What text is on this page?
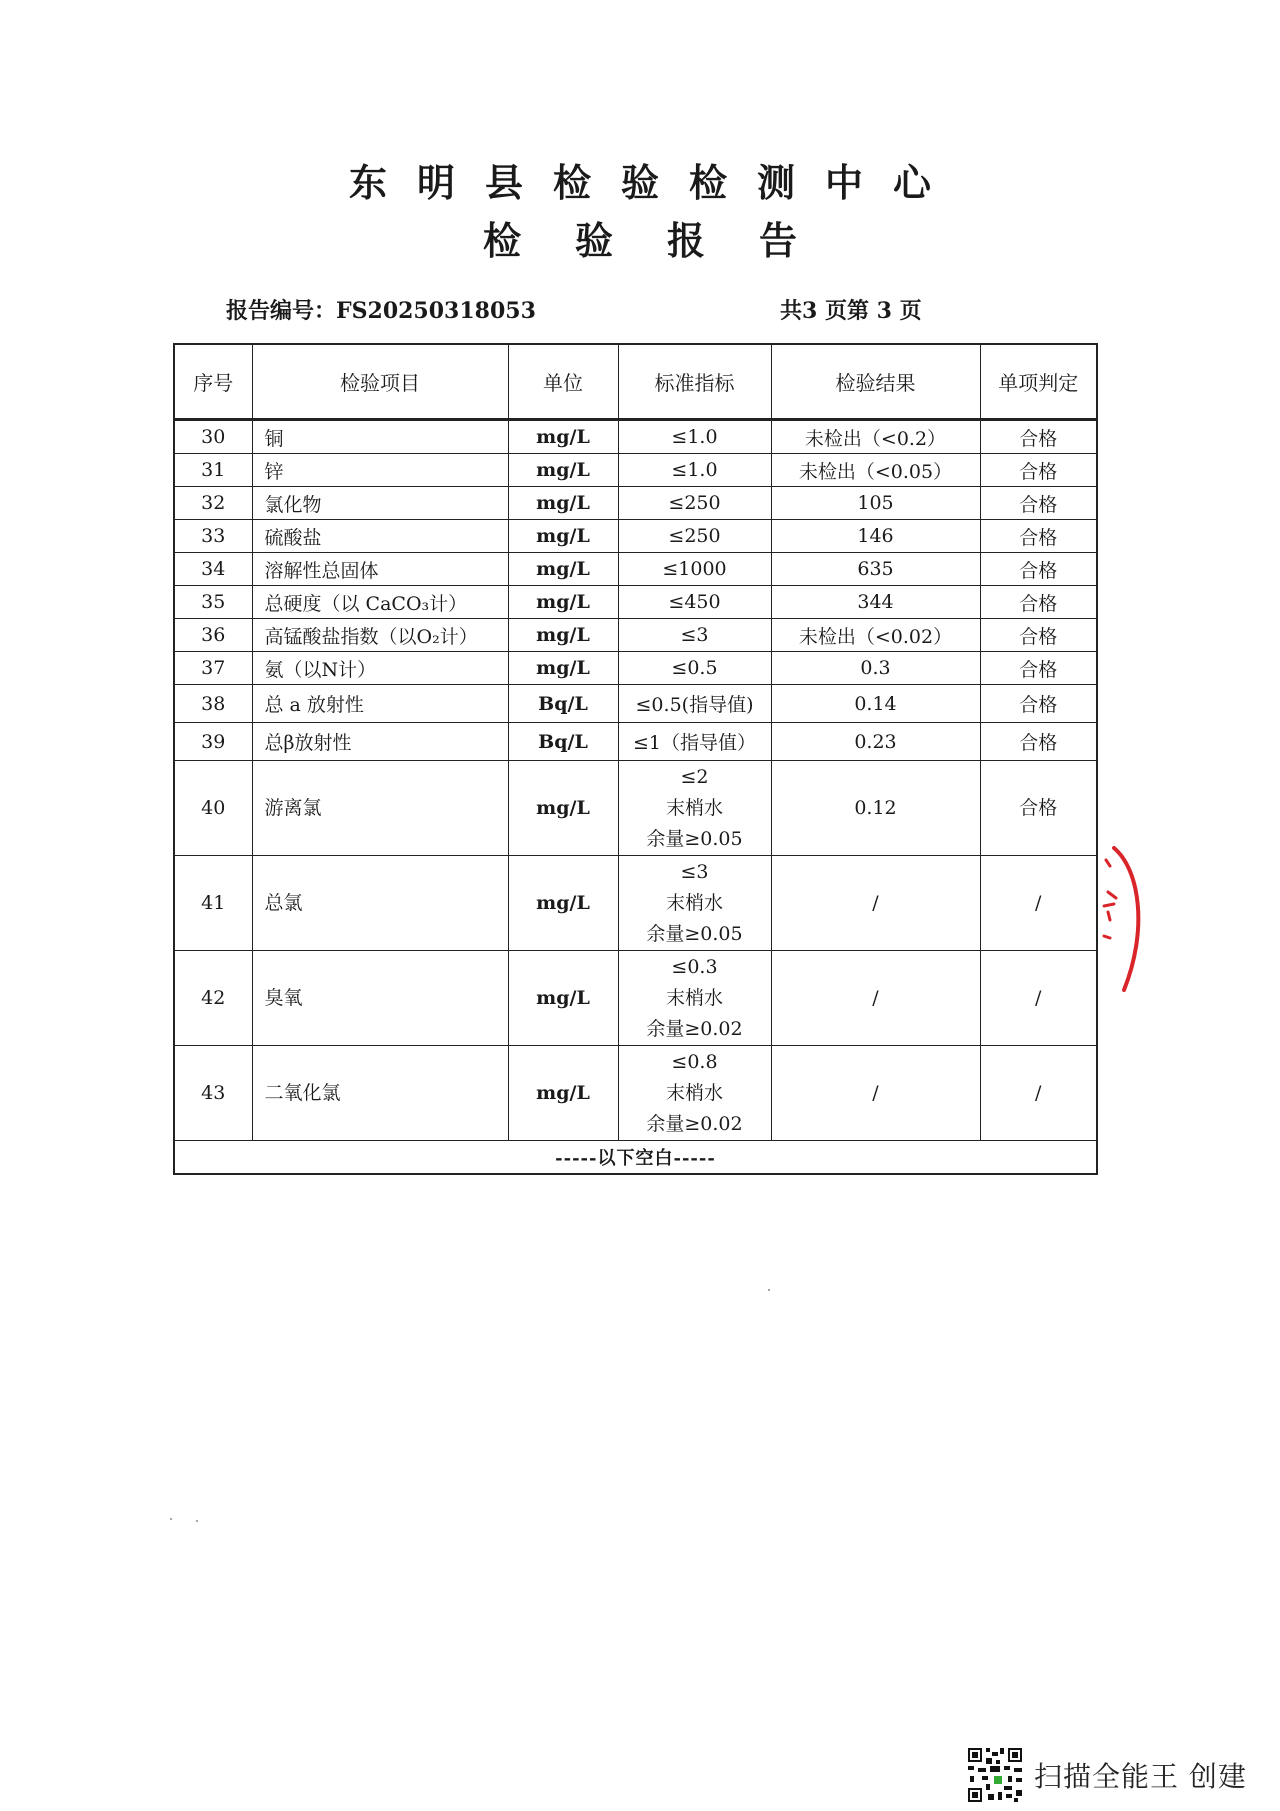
东明县检验检测中心
检验报告
报告编号：FS20250318053	共3 页第 3 页
序号	检验项目	单位	标准指标	检验结果	单项判定
30	铜	mg/L	≤1.0	未检出（<0.2）	合格
31	锌	mg/L	≤1.0	未检出（<0.05）	合格
32	氯化物	mg/L	≤250	105	合格
33	硫酸盐	mg/L	≤250	146	合格
34	溶解性总固体	mg/L	≤1000	635	合格
35	总硬度（以 CaCO₃计）	mg/L	≤450	344	合格
36	高锰酸盐指数（以O₂计）	mg/L	≤3	未检出（<0.02）	合格
37	氨（以N计）	mg/L	≤0.5	0.3	合格
38	总 a 放射性	Bq/L	≤0.5(指导值)	0.14	合格
39	总β放射性	Bq/L	≤1（指导值）	0.23	合格
40	游离氯	mg/L	≤2
末梢水
余量≥0.05	0.12	合格
41	总氯	mg/L	≤3
末梢水
余量≥0.05	/	/
42	臭氧	mg/L	≤0.3
末梢水
余量≥0.02	/	/
43	二氧化氯	mg/L	≤0.8
末梢水
余量≥0.02	/	/
-----以下空白-----					
扫描全能王 创建
